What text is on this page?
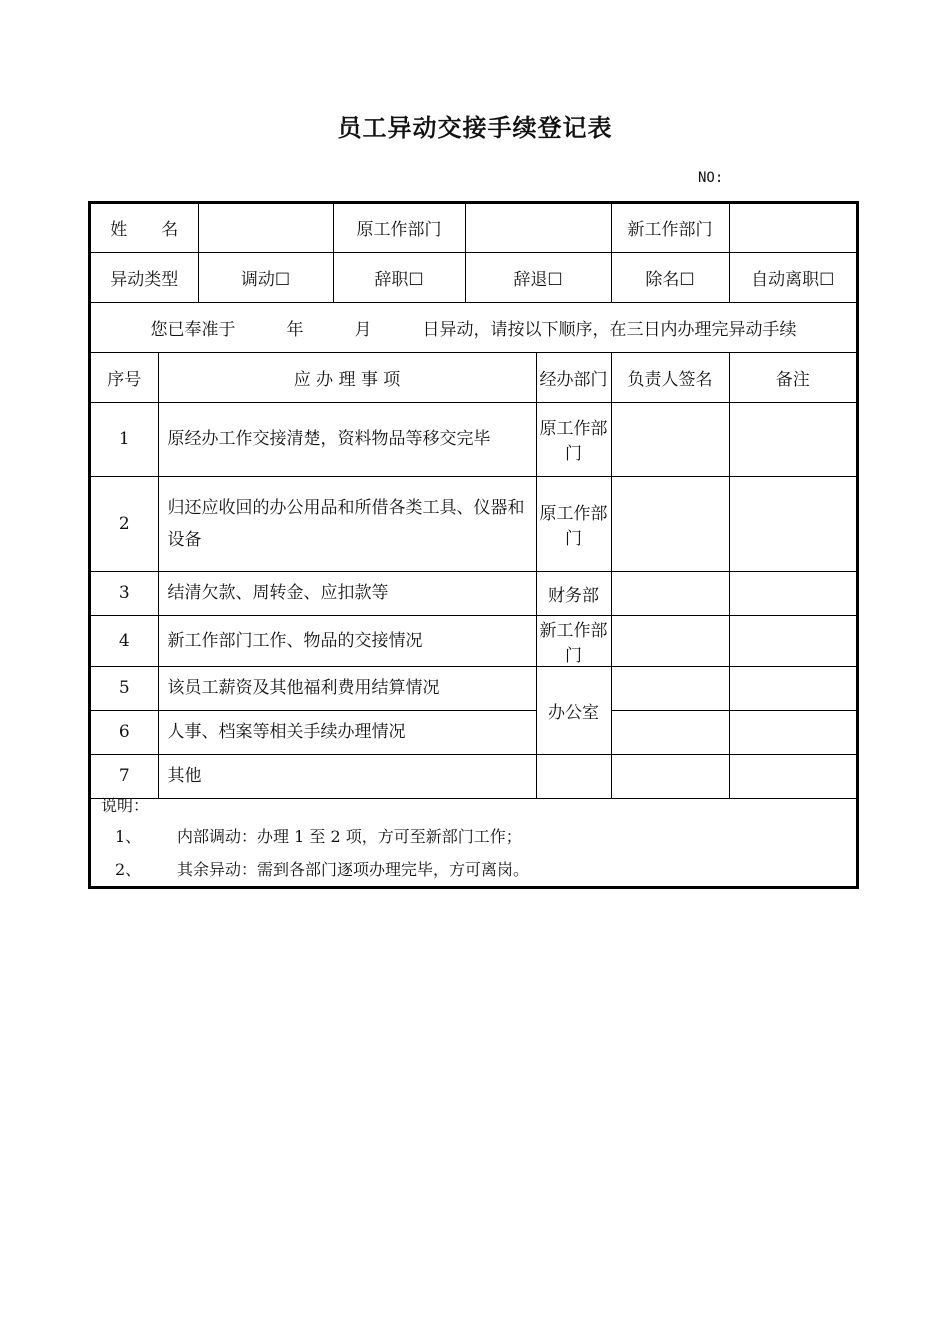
员工异动交接手续登记表
NO:
姓　　名			原工作部门			新工作部门	
异动类型		调动☐	辞职☐	辞退☐		除名☐	自动离职☐
您已奉准于　　　年　　　月　　　日异动，请按以下顺序，在三日内办理完异动手续							
序号	应 办 理 事 项				经办部门	负责人签名	备注
1	原经办工作交接清楚，资料物品等移交完毕				原工作部门		
2	归还应收回的办公用品和所借各类工具、仪器和设备				原工作部门		
3	结清欠款、周转金、应扣款等				财务部		
4	新工作部门工作、物品的交接情况				新工作部门		
5	该员工薪资及其他福利费用结算情况				办公室		
6	人事、档案等相关手续办理情况						
7	其他						
说明：
1、 内部调动：办理 1 至 2 项，方可至新部门工作；
2、 其余异动：需到各部门逐项办理完毕，方可离岗。
